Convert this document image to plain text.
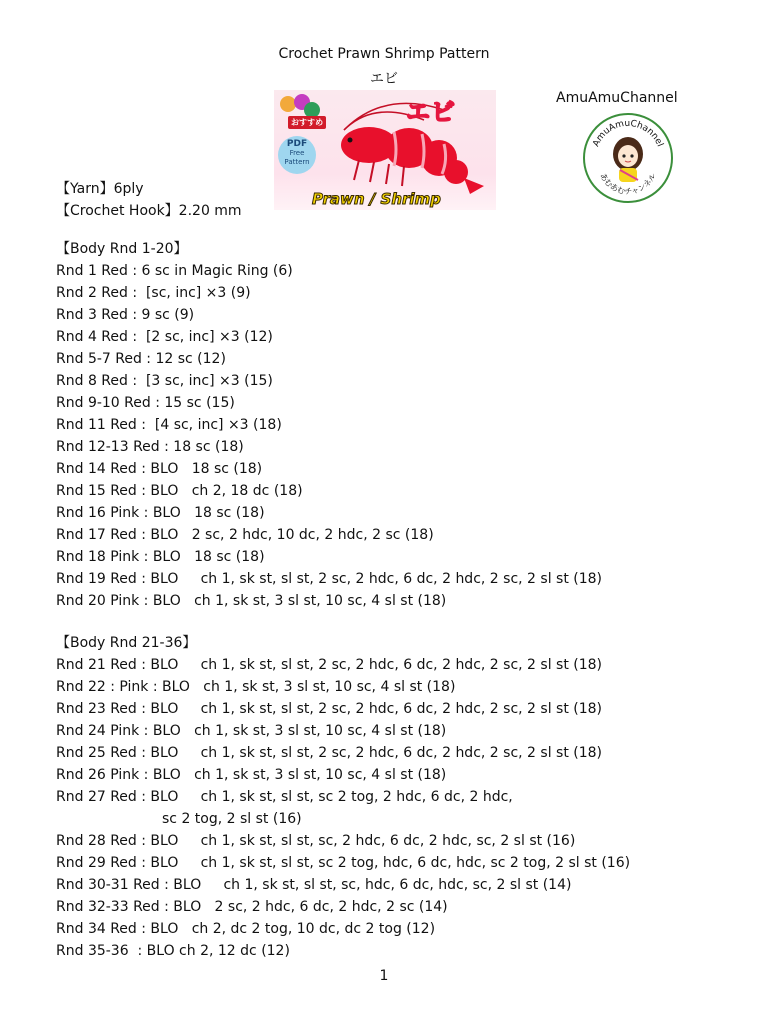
Crochet Prawn Shrimp Pattern
エビ
AmuAmuChannel
おすすめ
PDF
Free Pattern
エビ
Prawn / Shrimp
AmuAmuChannel
あむあむチャンネル
【Yarn】6ply
【Crochet Hook】2.20 mm
【Body Rnd 1-20】
Rnd 1 Red : 6 sc in Magic Ring (6)
Rnd 2 Red :  [sc, inc] ×3 (9)
Rnd 3 Red : 9 sc (9)
Rnd 4 Red :  [2 sc, inc] ×3 (12)
Rnd 5-7 Red : 12 sc (12)
Rnd 8 Red :  [3 sc, inc] ×3 (15)
Rnd 9-10 Red : 15 sc (15)
Rnd 11 Red :  [4 sc, inc] ×3 (18)
Rnd 12-13 Red : 18 sc (18)
Rnd 14 Red : BLO   18 sc (18)
Rnd 15 Red : BLO   ch 2, 18 dc (18)
Rnd 16 Pink : BLO   18 sc (18)
Rnd 17 Red : BLO   2 sc, 2 hdc, 10 dc, 2 hdc, 2 sc (18)
Rnd 18 Pink : BLO   18 sc (18)
Rnd 19 Red : BLO     ch 1, sk st, sl st, 2 sc, 2 hdc, 6 dc, 2 hdc, 2 sc, 2 sl st (18)
Rnd 20 Pink : BLO   ch 1, sk st, 3 sl st, 10 sc, 4 sl st (18)
【Body Rnd 21-36】
Rnd 21 Red : BLO     ch 1, sk st, sl st, 2 sc, 2 hdc, 6 dc, 2 hdc, 2 sc, 2 sl st (18)
Rnd 22 : Pink : BLO   ch 1, sk st, 3 sl st, 10 sc, 4 sl st (18)
Rnd 23 Red : BLO     ch 1, sk st, sl st, 2 sc, 2 hdc, 6 dc, 2 hdc, 2 sc, 2 sl st (18)
Rnd 24 Pink : BLO   ch 1, sk st, 3 sl st, 10 sc, 4 sl st (18)
Rnd 25 Red : BLO     ch 1, sk st, sl st, 2 sc, 2 hdc, 6 dc, 2 hdc, 2 sc, 2 sl st (18)
Rnd 26 Pink : BLO   ch 1, sk st, 3 sl st, 10 sc, 4 sl st (18)
Rnd 27 Red : BLO     ch 1, sk st, sl st, sc 2 tog, 2 hdc, 6 dc, 2 hdc,
sc 2 tog, 2 sl st (16)
Rnd 28 Red : BLO     ch 1, sk st, sl st, sc, 2 hdc, 6 dc, 2 hdc, sc, 2 sl st (16)
Rnd 29 Red : BLO     ch 1, sk st, sl st, sc 2 tog, hdc, 6 dc, hdc, sc 2 tog, 2 sl st (16)
Rnd 30-31 Red : BLO     ch 1, sk st, sl st, sc, hdc, 6 dc, hdc, sc, 2 sl st (14)
Rnd 32-33 Red : BLO   2 sc, 2 hdc, 6 dc, 2 hdc, 2 sc (14)
Rnd 34 Red : BLO   ch 2, dc 2 tog, 10 dc, dc 2 tog (12)
Rnd 35-36  : BLO ch 2, 12 dc (12)
1
